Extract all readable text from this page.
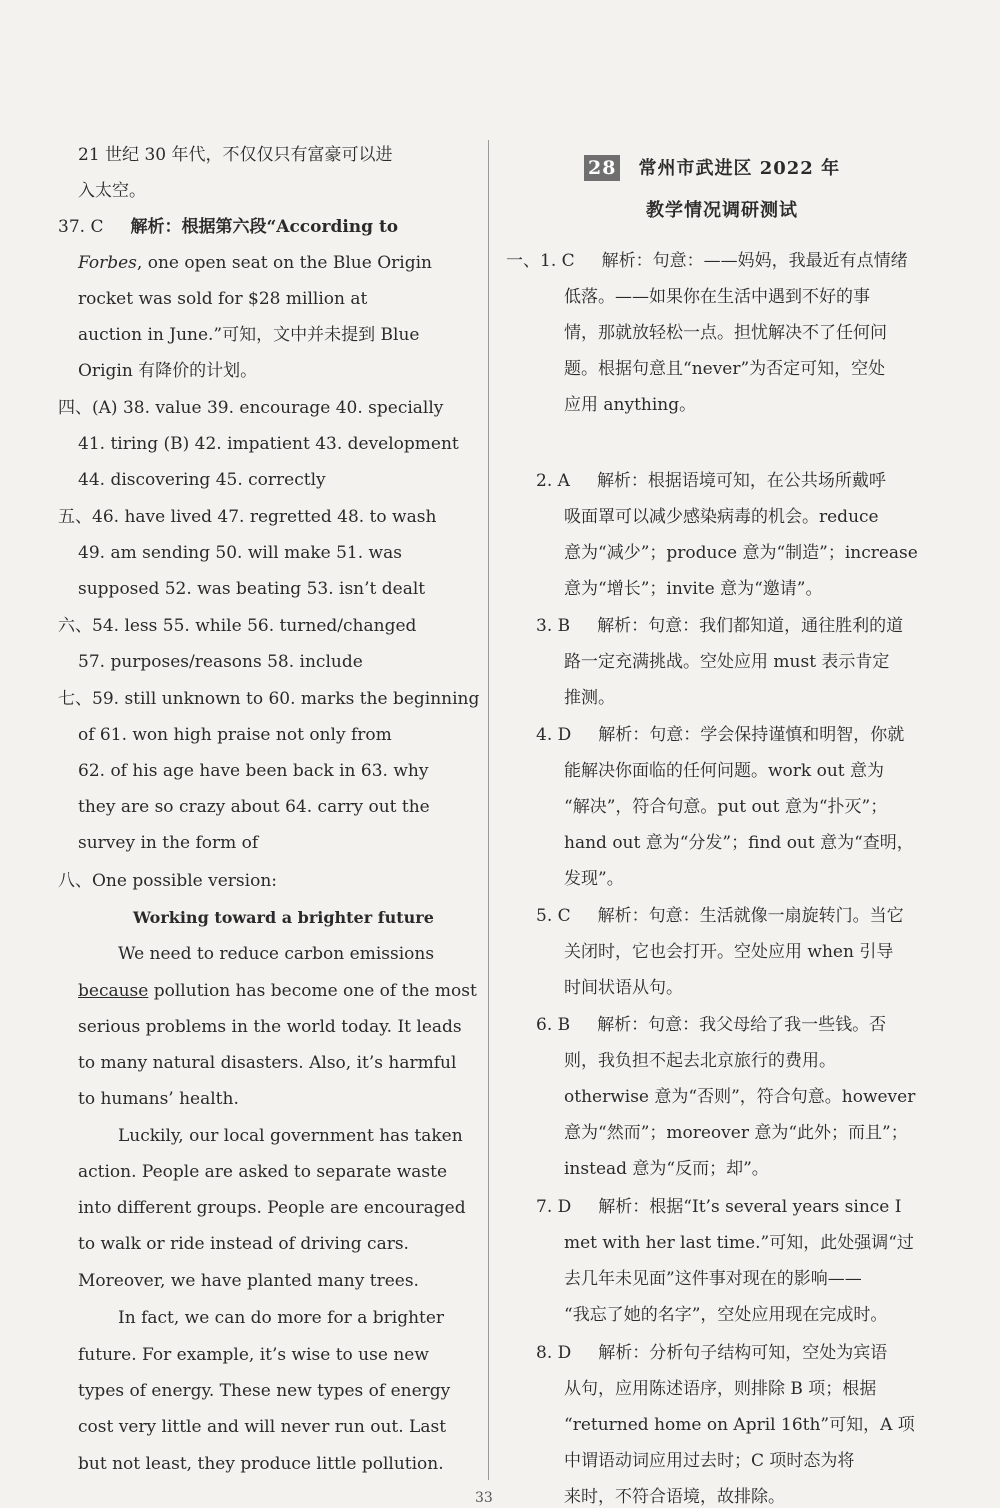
21 世纪 30 年代，不仅仅只有富豪可以进
入太空。
37. C 解析：根据第六段“According to
Forbes, one open seat on the Blue Origin
rocket was sold for $28 million at
auction in June.”可知，文中并未提到 Blue
Origin 有降价的计划。
四、(A) 38. value 39. encourage 40. specially
41. tiring (B) 42. impatient 43. development
44. discovering 45. correctly
五、46. have lived 47. regretted 48. to wash
49. am sending 50. will make 51. was
supposed 52. was beating 53. isn’t dealt
六、54. less 55. while 56. turned/changed
57. purposes/reasons 58. include
七、59. still unknown to 60. marks the beginning
of 61. won high praise not only from
62. of his age have been back in 63. why
they are so crazy about 64. carry out the
survey in the form of
八、One possible version:
Working toward a brighter future
We need to reduce carbon emissions
because pollution has become one of the most
serious problems in the world today. It leads
to many natural disasters. Also, it’s harmful
to humans’ health.
Luckily, our local government has taken
action. People are asked to separate waste
into different groups. People are encouraged
to walk or ride instead of driving cars.
Moreover, we have planted many trees.
In fact, we can do more for a brighter
future. For example, it’s wise to use new
types of energy. These new types of energy
cost very little and will never run out. Last
but not least, they produce little pollution.
28 常州市武进区 2022 年
教学情况调研测试
一、1. C 解析：句意：——妈妈，我最近有点情绪
低落。——如果你在生活中遇到不好的事
情，那就放轻松一点。担忧解决不了任何问
题。根据句意且“never”为否定可知，空处
应用 anything。
2. A 解析：根据语境可知，在公共场所戴呼
吸面罩可以减少感染病毒的机会。reduce
意为“减少”；produce 意为“制造”；increase
意为“增长”；invite 意为“邀请”。
3. B 解析：句意：我们都知道，通往胜利的道
路一定充满挑战。空处应用 must 表示肯定
推测。
4. D 解析：句意：学会保持谨慎和明智，你就
能解决你面临的任何问题。work out 意为
“解决”，符合句意。put out 意为“扑灭”；
hand out 意为“分发”；find out 意为“查明，
发现”。
5. C 解析：句意：生活就像一扇旋转门。当它
关闭时，它也会打开。空处应用 when 引导
时间状语从句。
6. B 解析：句意：我父母给了我一些钱。否
则，我负担不起去北京旅行的费用。
otherwise 意为“否则”，符合句意。however
意为“然而”；moreover 意为“此外；而且”；
instead 意为“反而；却”。
7. D 解析：根据“It’s several years since I
met with her last time.”可知，此处强调“过
去几年未见面”这件事对现在的影响——
“我忘了她的名字”，空处应用现在完成时。
8. D 解析：分析句子结构可知，空处为宾语
从句，应用陈述语序，则排除 B 项；根据
“returned home on April 16th”可知，A 项
中谓语动词应用过去时；C 项时态为将
来时，不符合语境，故排除。
33
